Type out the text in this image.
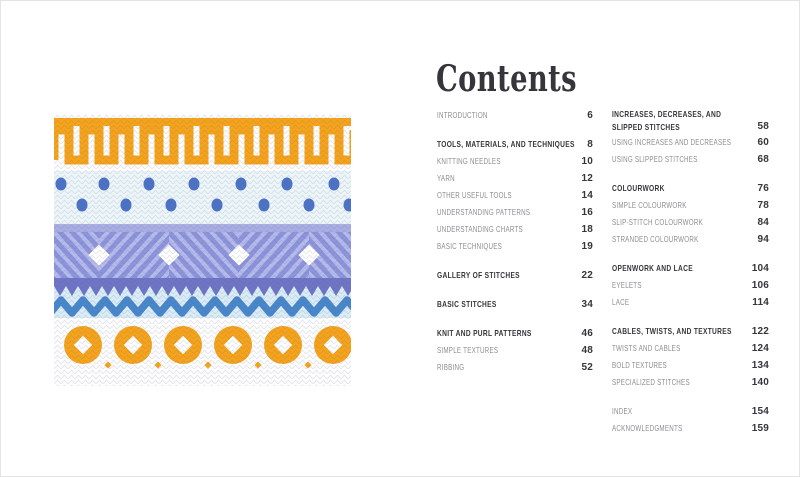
Contents
INTRODUCTION	6
TOOLS, MATERIALS, AND TECHNIQUES 8
KNITTING NEEDLES	10
YARN	12
OTHER USEFUL TOOLS	14
UNDERSTANDING PATTERNS	16
UNDERSTANDING CHARTS	18
BASIC TECHNIQUES	19
GALLERY OF STITCHES	22
BASIC STITCHES	34
KNIT AND PURL PATTERNS	46
SIMPLE TEXTURES	48
RIBBING	52
INCREASES, DECREASES, AND SLIPPED STITCHES	58
USING INCREASES AND DECREASES	60
USING SLIPPED STITCHES	68
COLOURWORK	76
SIMPLE COLOURWORK	78
SLIP-STITCH COLOURWORK	84
STRANDED COLOURWORK	94
OPENWORK AND LACE	104
EYELETS	106
LACE	114
CABLES, TWISTS, AND TEXTURES 122
TWISTS AND CABLES	124
BOLD TEXTURES	134
SPECIALIZED STITCHES	140
INDEX	154
ACKNOWLEDGMENTS	159
